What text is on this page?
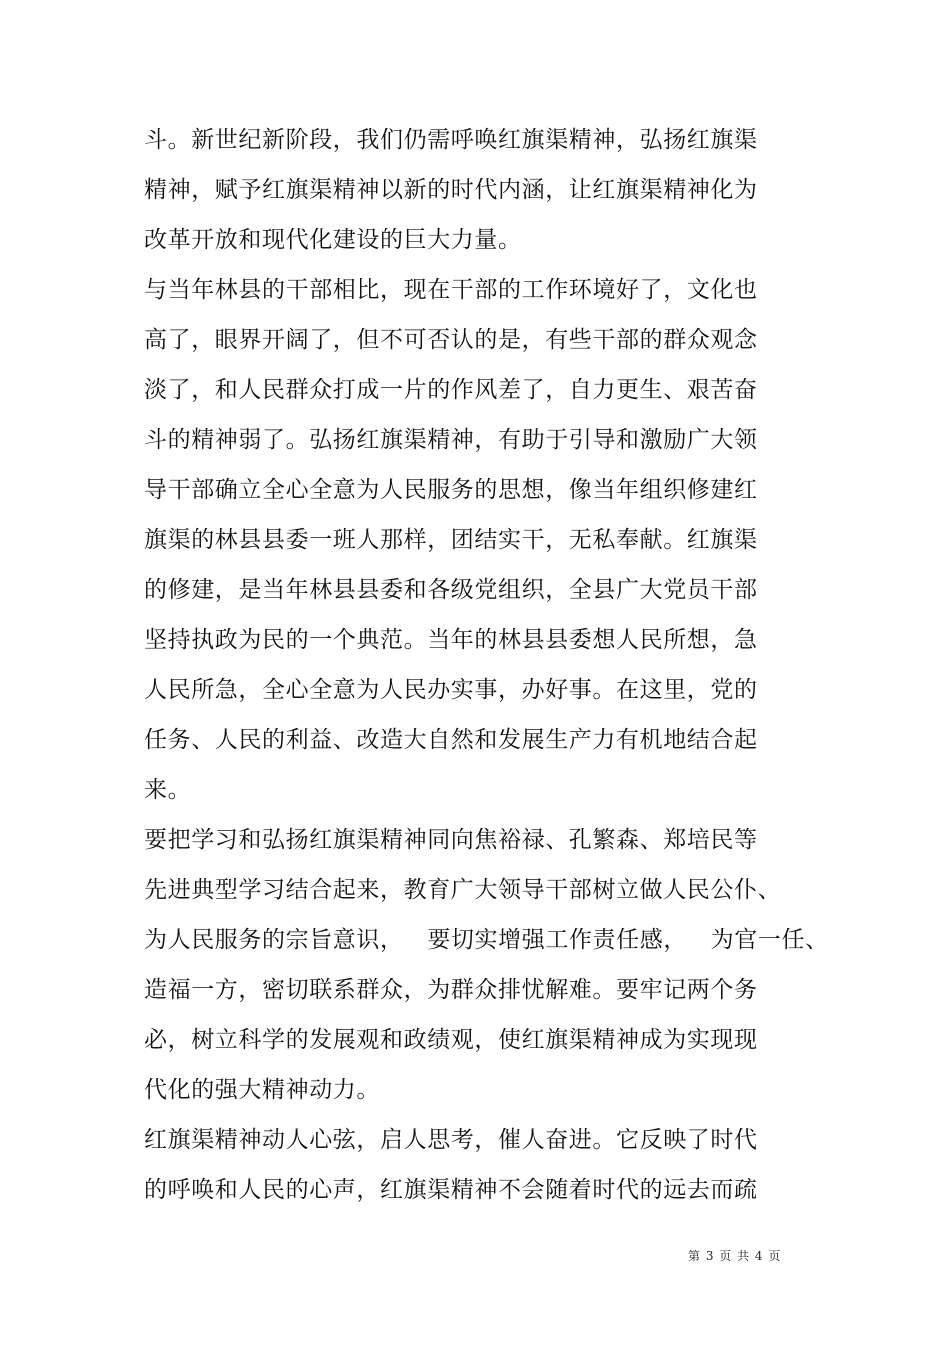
斗。新世纪新阶段，我们仍需呼唤红旗渠精神，弘扬红旗渠
精神，赋予红旗渠精神以新的时代内涵，让红旗渠精神化为
改革开放和现代化建设的巨大力量。
与当年林县的干部相比，现在干部的工作环境好了，文化也
高了，眼界开阔了，但不可否认的是，有些干部的群众观念
淡了，和人民群众打成一片的作风差了，自力更生、艰苦奋
斗的精神弱了。弘扬红旗渠精神，有助于引导和激励广大领
导干部确立全心全意为人民服务的思想，像当年组织修建红
旗渠的林县县委一班人那样，团结实干，无私奉献。红旗渠
的修建，是当年林县县委和各级党组织，全县广大党员干部
坚持执政为民的一个典范。当年的林县县委想人民所想，急
人民所急，全心全意为人民办实事，办好事。在这里，党的
任务、人民的利益、改造大自然和发展生产力有机地结合起
来。
要把学习和弘扬红旗渠精神同向焦裕禄、孔繁森、郑培民等
先进典型学习结合起来，教育广大领导干部树立做人民公仆、
为人民服务的宗旨意识，   要切实增强工作责任感，   为官一任、
造福一方，密切联系群众，为群众排忧解难。要牢记两个务
必，树立科学的发展观和政绩观，使红旗渠精神成为实现现
代化的强大精神动力。
红旗渠精神动人心弦，启人思考，催人奋进。它反映了时代
的呼唤和人民的心声，红旗渠精神不会随着时代的远去而疏
第 3 页 共 4 页
